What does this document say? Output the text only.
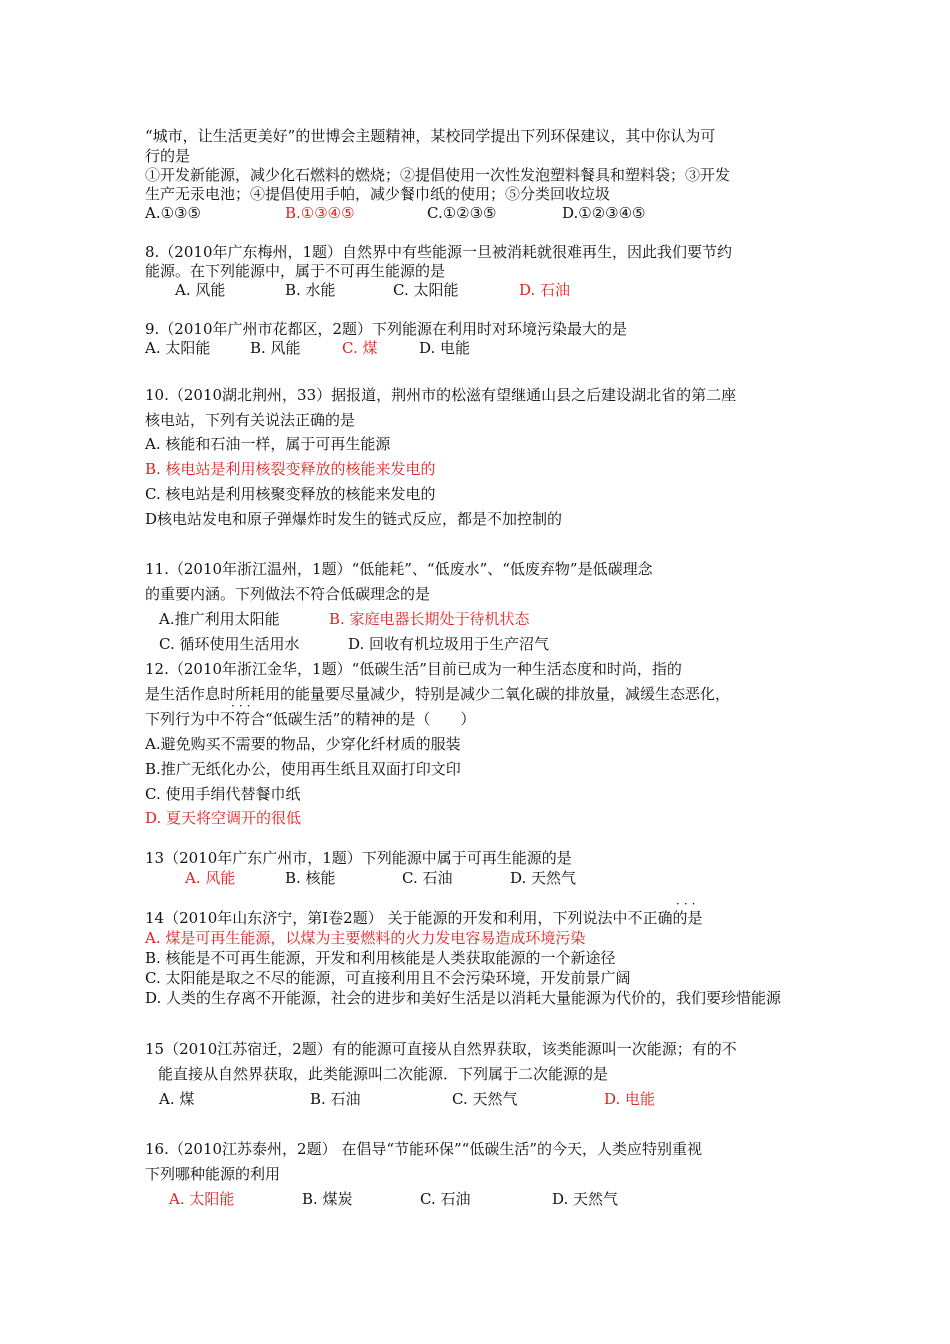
“城市，让生活更美好”的世博会主题精神，某校同学提出下列环保建议，其中你认为可
行的是
①开发新能源，减少化石燃料的燃烧；②提倡使用一次性发泡塑料餐具和塑料袋；③开发
生产无汞电池；④提倡使用手帕，减少餐巾纸的使用；⑤分类回收垃圾
A.①③⑤	B.①③④⑤	C.①②③⑤	D.①②③④⑤
8.（2010年广东梅州，1题）自然界中有些能源一旦被消耗就很难再生，因此我们要节约
能源。在下列能源中，属于不可再生能源的是
A. 风能	B. 水能	C. 太阳能	D. 石油
9.（2010年广州市花都区，2题）下列能源在利用时对环境污染最大的是
A. 太阳能	B. 风能	C. 煤	D. 电能
10.（2010湖北荆州，33）据报道，荆州市的松滋有望继通山县之后建设湖北省的第二座
核电站，下列有关说法正确的是
A. 核能和石油一样，属于可再生能源
B. 核电站是利用核裂变释放的核能来发电的
C. 核电站是利用核聚变释放的核能来发电的
D核电站发电和原子弹爆炸时发生的链式反应，都是不加控制的
11.（2010年浙江温州，1题）“低能耗”、“低废水”、“低废弃物”是低碳理念
的重要内涵。下列做法不符合低碳理念的是
A.推广利用太阳能	B. 家庭电器长期处于待机状态
C. 循环使用生活用水	D. 回收有机垃圾用于生产沼气
12.（2010年浙江金华，1题）“低碳生活”目前已成为一种生活态度和时尚，指的
是生活作息时所耗用的能量要尽量减少，特别是减少二氧化碳的排放量，减缓生态恶化，
···
下列行为中不符合“低碳生活”的精神的是（　　）
A.避免购买不需要的物品，少穿化纤材质的服装
B.推广无纸化办公，使用再生纸且双面打印文印
C. 使用手绢代替餐巾纸
D. 夏天将空调开的很低
13（2010年广东广州市，1题）下列能源中属于可再生能源的是
A. 风能	B. 核能	C. 石油	D. 天然气
···
14（2010年山东济宁，第Ⅰ卷2题） 关于能源的开发和利用，下列说法中不正确的是
A. 煤是可再生能源，以煤为主要燃料的火力发电容易造成环境污染
B. 核能是不可再生能源，开发和利用核能是人类获取能源的一个新途径
C. 太阳能是取之不尽的能源，可直接利用且不会污染环境，开发前景广阔
D. 人类的生存离不开能源，社会的进步和美好生活是以消耗大量能源为代价的，我们要珍惜能源
15（2010江苏宿迁，2题）有的能源可直接从自然界获取，该类能源叫一次能源；有的不
能直接从自然界获取，此类能源叫二次能源．下列属于二次能源的是
A. 煤	B. 石油	C. 天然气	D. 电能
16.（2010江苏泰州，2题） 在倡导“节能环保”“低碳生活”的今天，人类应特别重视
下列哪种能源的利用
A. 太阳能	B. 煤炭	C. 石油	D. 天然气
